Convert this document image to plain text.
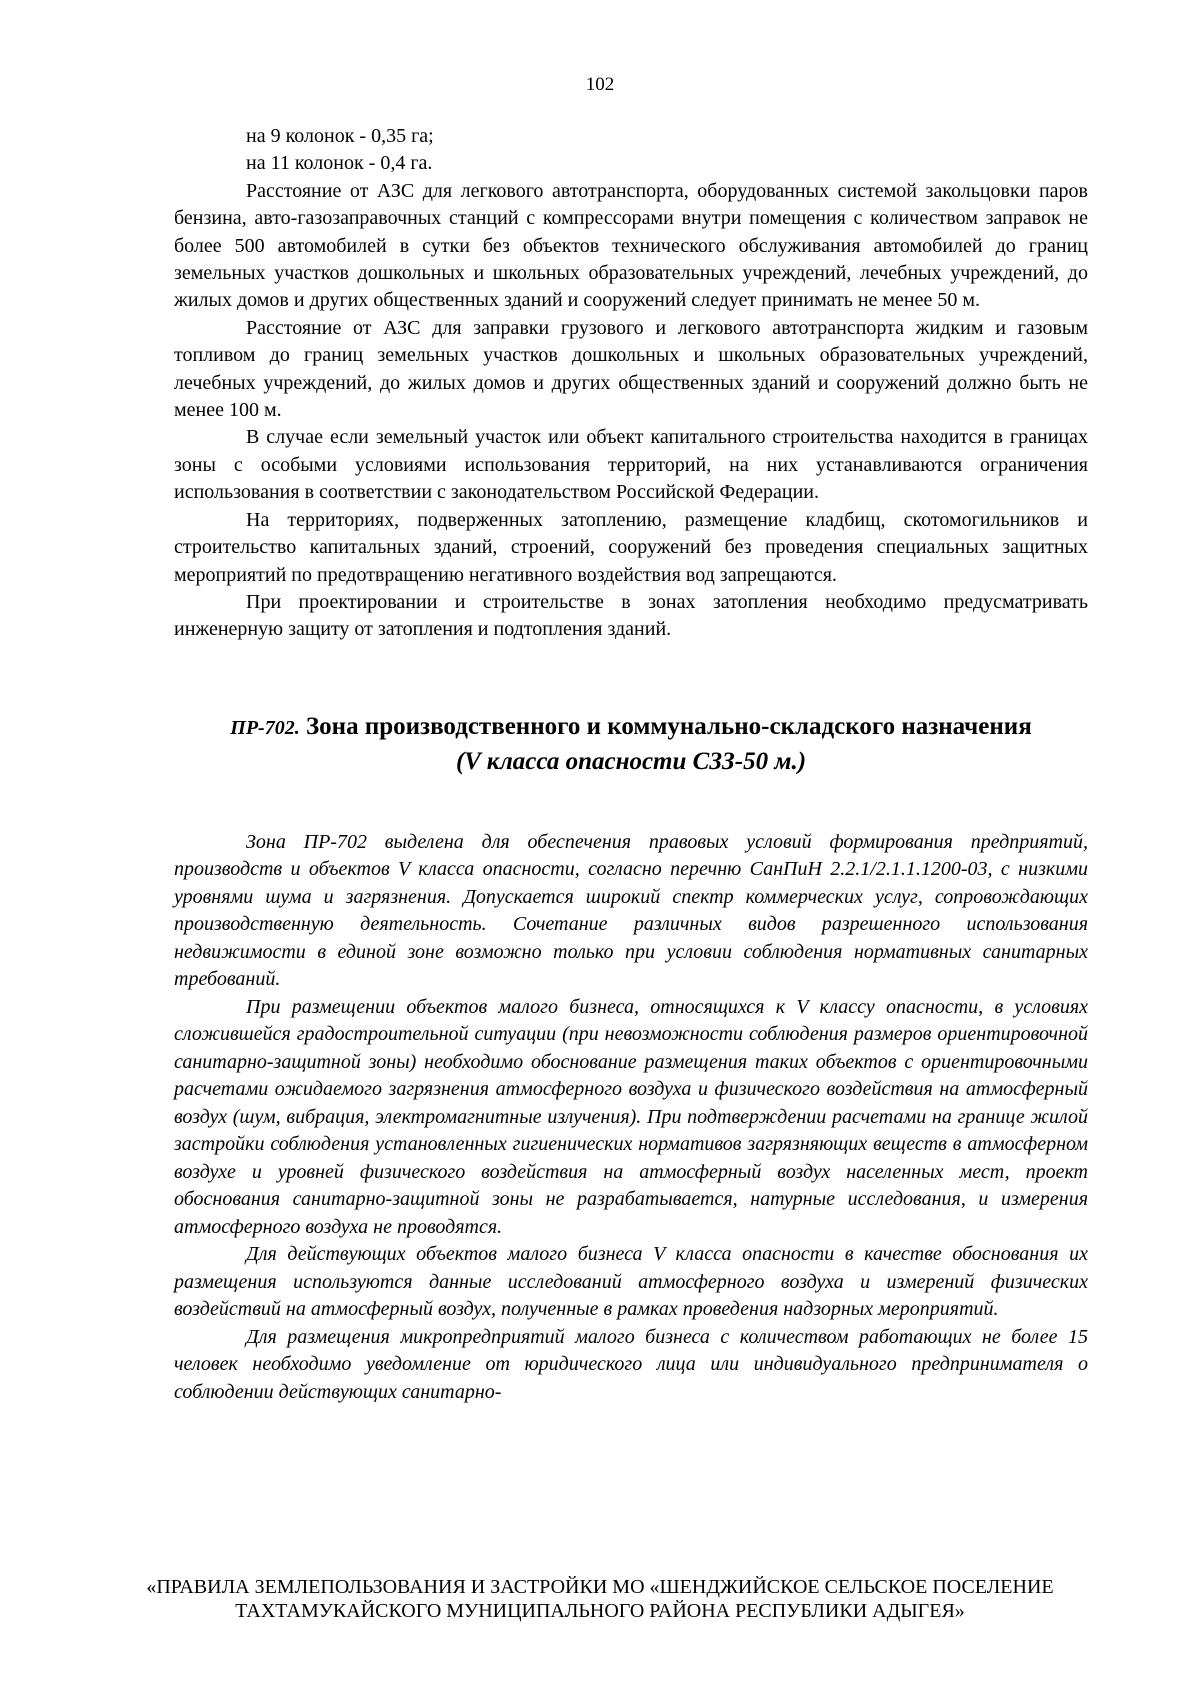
102

на 9 колонок - 0,35 га;

на 11 колонок - 0,4 га.

Расстояние от АЗС для легкового автотранспорта, оборудованных системой закольцовки паров бензина, авто-газозаправочных станций с компрессорами внутри помещения с количеством заправок не более 500 автомобилей в сутки без объектов технического обслуживания автомобилей до границ земельных участков дошкольных и школьных образовательных учреждений, лечебных учреждений, до жилых домов и других общественных зданий и сооружений следует принимать не менее 50 м.

Расстояние от АЗС для заправки грузового и легкового автотранспорта жидким и газовым топливом до границ земельных участков дошкольных и школьных образовательных учреждений, лечебных учреждений, до жилых домов и других общественных зданий и сооружений должно быть не менее 100 м.

В случае если земельный участок или объект капитального строительства находится в границах зоны с особыми условиями использования территорий, на них устанавливаются ограничения использования в соответствии с законодательством Российской Федерации.

На территориях, подверженных затоплению, размещение кладбищ, скотомогильников и строительство капитальных зданий, строений, сооружений без проведения специальных защитных мероприятий по предотвращению негативного воздействия вод запрещаются.

При проектировании и строительстве в зонах затопления необходимо предусматривать инженерную защиту от затопления и подтопления зданий.

ПР-702. Зона производственного и коммунально-складского назначения (V класса опасности СЗЗ-50 м.)

Зона ПР-702 выделена для обеспечения правовых условий формирования предприятий, производств и объектов V класса опасности, согласно перечню СанПиН 2.2.1/2.1.1.1200-03, с низкими уровнями шума и загрязнения. Допускается широкий спектр коммерческих услуг, сопровождающих производственную деятельность. Сочетание различных видов разрешенного использования недвижимости в единой зоне возможно только при условии соблюдения нормативных санитарных требований.

При размещении объектов малого бизнеса, относящихся к V классу опасности, в условиях сложившейся градостроительной ситуации (при невозможности соблюдения размеров ориентировочной санитарно-защитной зоны) необходимо обоснование размещения таких объектов с ориентировочными расчетами ожидаемого загрязнения атмосферного воздуха и физического воздействия на атмосферный воздух (шум, вибрация, электромагнитные излучения). При подтверждении расчетами на границе жилой застройки соблюдения установленных гигиенических нормативов загрязняющих веществ в атмосферном воздухе и уровней физического воздействия на атмосферный воздух населенных мест, проект обоснования санитарно-защитной зоны не разрабатывается, натурные исследования, и измерения атмосферного воздуха не проводятся.

Для действующих объектов малого бизнеса V класса опасности в качестве обоснования их размещения используются данные исследований атмосферного воздуха и измерений физических воздействий на атмосферный воздух, полученные в рамках проведения надзорных мероприятий.

Для размещения микропредприятий малого бизнеса с количеством работающих не более 15 человек необходимо уведомление от юридического лица или индивидуального предпринимателя о соблюдении действующих санитарно-

«ПРАВИЛА ЗЕМЛЕПОЛЬЗОВАНИЯ И ЗАСТРОЙКИ МО «ШЕНДЖИЙСКОЕ СЕЛЬСКОЕ ПОСЕЛЕНИЕ
ТАХТАМУКАЙСКОГО МУНИЦИПАЛЬНОГО РАЙОНА РЕСПУБЛИКИ АДЫГЕЯ»
